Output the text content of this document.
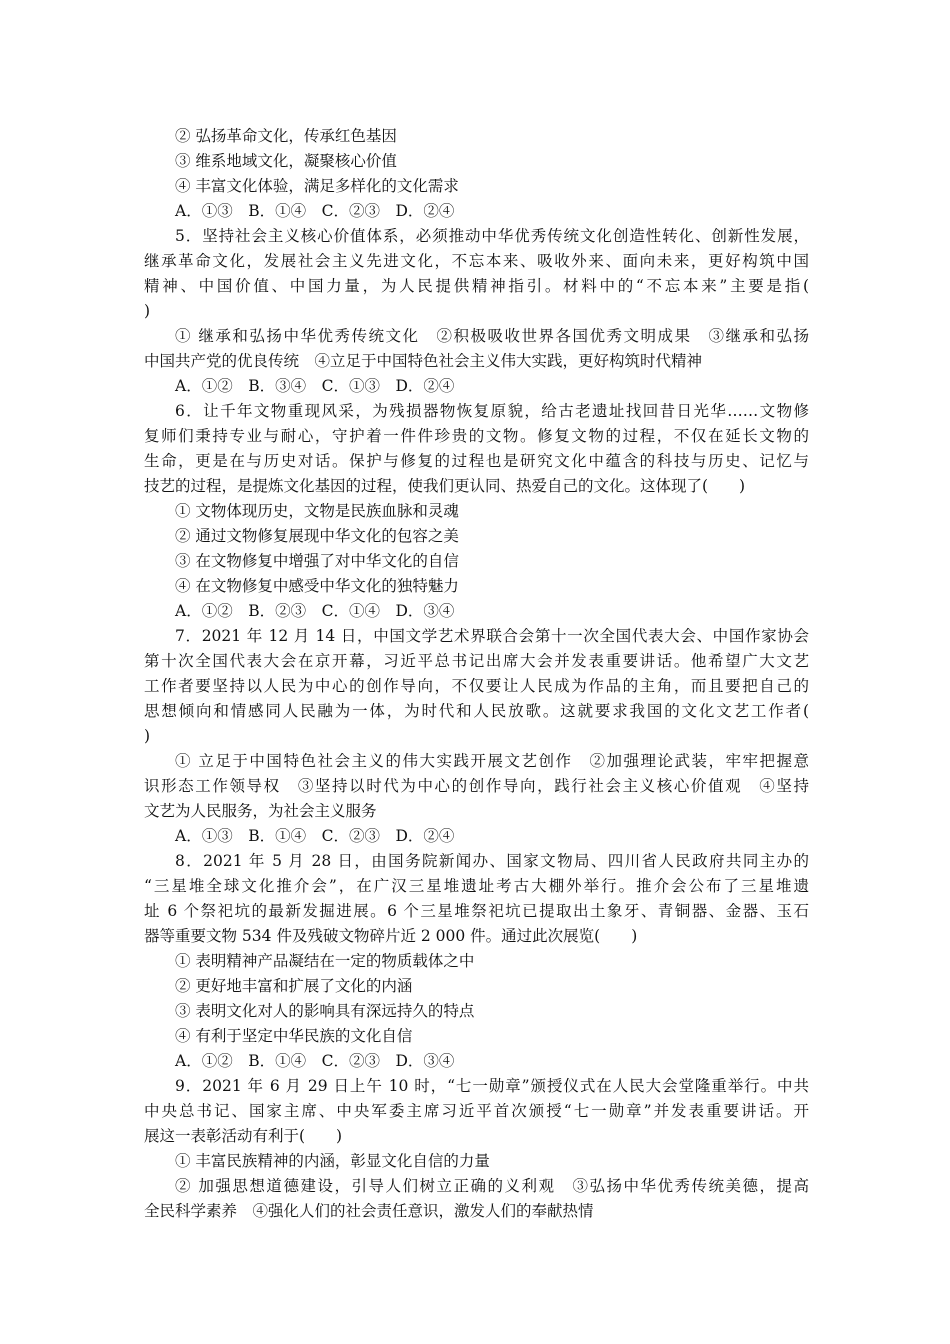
② 弘扬革命文化，传承红色基因
③ 维系地域文化，凝聚核心价值
④ 丰富文化体验，满足多样化的文化需求
A．①③　B．①④　C．②③　D．②④
5．坚持社会主义核心价值体系，必须推动中华优秀传统文化创造性转化、创新性发展，
继承革命文化，发展社会主义先进文化，不忘本来、吸收外来、面向未来，更好构筑中国
精神、中国价值、中国力量，为人民提供精神指引。材料中的“不忘本来”主要是指(
)
① 继承和弘扬中华优秀传统文化　②积极吸收世界各国优秀文明成果　③继承和弘扬
中国共产党的优良传统　④立足于中国特色社会主义伟大实践，更好构筑时代精神
A．①②　B．③④　C．①③　D．②④
6．让千年文物重现风采，为残损器物恢复原貌，给古老遗址找回昔日光华……文物修
复师们秉持专业与耐心，守护着一件件珍贵的文物。修复文物的过程，不仅在延长文物的
生命，更是在与历史对话。保护与修复的过程也是研究文化中蕴含的科技与历史、记忆与
技艺的过程，是提炼文化基因的过程，使我们更认同、热爱自己的文化。这体现了(　　)
① 文物体现历史，文物是民族血脉和灵魂
② 通过文物修复展现中华文化的包容之美
③ 在文物修复中增强了对中华文化的自信
④ 在文物修复中感受中华文化的独特魅力
A．①②　B．②③　C．①④　D．③④
7．2021 年 12 月 14 日，中国文学艺术界联合会第十一次全国代表大会、中国作家协会
第十次全国代表大会在京开幕，习近平总书记出席大会并发表重要讲话。他希望广大文艺
工作者要坚持以人民为中心的创作导向，不仅要让人民成为作品的主角，而且要把自己的
思想倾向和情感同人民融为一体，为时代和人民放歌。这就要求我国的文化文艺工作者(
)
① 立足于中国特色社会主义的伟大实践开展文艺创作　②加强理论武装，牢牢把握意
识形态工作领导权　③坚持以时代为中心的创作导向，践行社会主义核心价值观　④坚持
文艺为人民服务，为社会主义服务
A．①③　B．①④　C．②③　D．②④
8．2021 年 5 月 28 日，由国务院新闻办、国家文物局、四川省人民政府共同主办的
“三星堆全球文化推介会”，在广汉三星堆遗址考古大棚外举行。推介会公布了三星堆遗
址 6 个祭祀坑的最新发掘进展。6 个三星堆祭祀坑已提取出土象牙、青铜器、金器、玉石
器等重要文物 534 件及残破文物碎片近 2 000 件。通过此次展览(　　)
① 表明精神产品凝结在一定的物质载体之中
② 更好地丰富和扩展了文化的内涵
③ 表明文化对人的影响具有深远持久的特点
④ 有利于坚定中华民族的文化自信
A．①②　B．①④　C．②③　D．③④
9．2021 年 6 月 29 日上午 10 时，“七一勋章”颁授仪式在人民大会堂隆重举行。中共
中央总书记、国家主席、中央军委主席习近平首次颁授“七一勋章”并发表重要讲话。开
展这一表彰活动有利于(　　)
① 丰富民族精神的内涵，彰显文化自信的力量
② 加强思想道德建设，引导人们树立正确的义利观　③弘扬中华优秀传统美德，提高
全民科学素养　④强化人们的社会责任意识，激发人们的奉献热情
